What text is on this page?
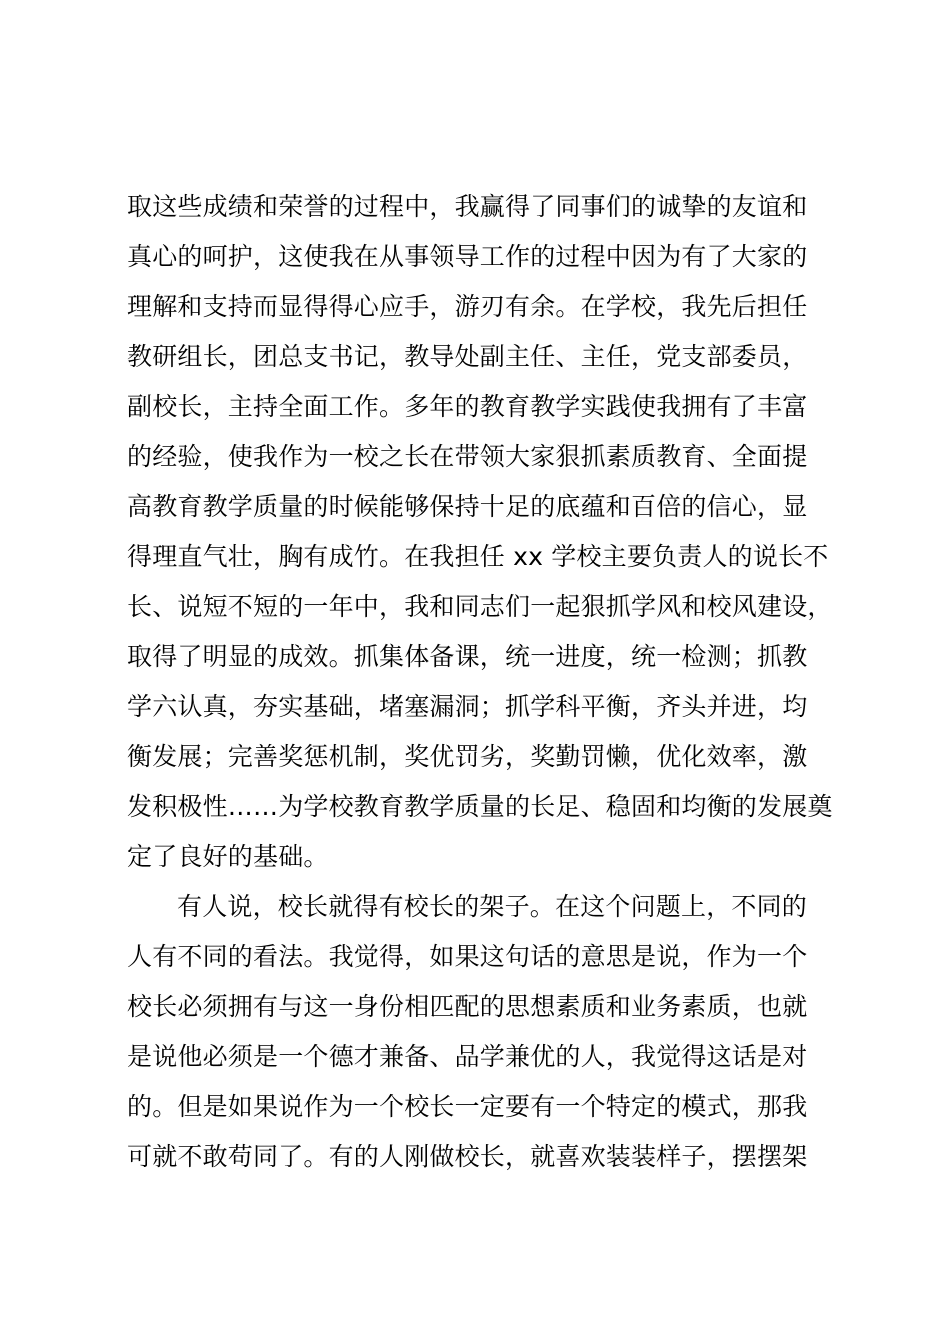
取这些成绩和荣誉的过程中，我赢得了同事们的诚挚的友谊和
真心的呵护，这使我在从事领导工作的过程中因为有了大家的
理解和支持而显得得心应手，游刃有余。在学校，我先后担任
教研组长，团总支书记，教导处副主任、主任，党支部委员，
副校长，主持全面工作。多年的教育教学实践使我拥有了丰富
的经验，使我作为一校之长在带领大家狠抓素质教育、全面提
高教育教学质量的时候能够保持十足的底蕴和百倍的信心，显
得理直气壮，胸有成竹。在我担任 xx 学校主要负责人的说长不
长、说短不短的一年中，我和同志们一起狠抓学风和校风建设，
取得了明显的成效。抓集体备课，统一进度，统一检测；抓教
学六认真，夯实基础，堵塞漏洞；抓学科平衡，齐头并进，均
衡发展；完善奖惩机制，奖优罚劣，奖勤罚懒，优化效率，激
发积极性……为学校教育教学质量的长足、稳固和均衡的发展奠
定了良好的基础。
有人说，校长就得有校长的架子。在这个问题上，不同的
人有不同的看法。我觉得，如果这句话的意思是说，作为一个
校长必须拥有与这一身份相匹配的思想素质和业务素质，也就
是说他必须是一个德才兼备、品学兼优的人，我觉得这话是对
的。但是如果说作为一个校长一定要有一个特定的模式，那我
可就不敢苟同了。有的人刚做校长，就喜欢装装样子，摆摆架
